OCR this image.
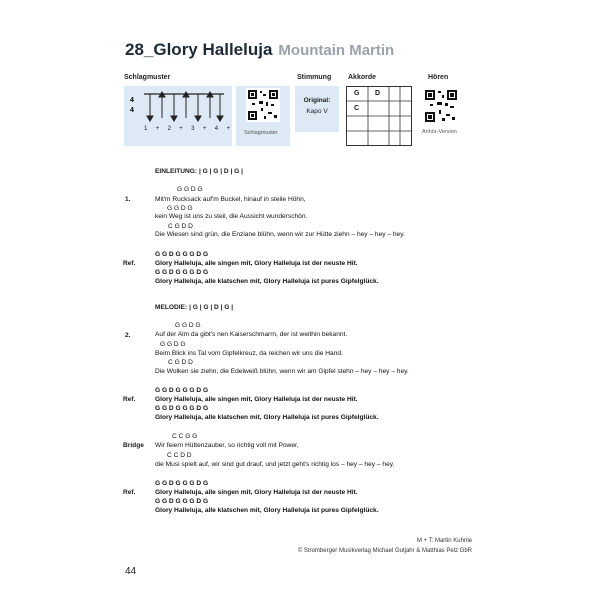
28_Glory Halleluja Mountain Martin
Schlagmuster	Stimmung Akkorde	Hören
4
4
1 + 2 + 3 + 4 +
Schlagmuster
Original:
Kapo V
G D
C
Anhör-Version
EINLEITUNG: | G | G | D | G |
1.
G G D G
Mit'm Rucksack auf'm Buckel, hinauf in steile Höhn,
G G D G
kein Weg ist uns zu steil, die Aussicht wunderschön.
C G D D
Die Wiesen sind grün, die Enziane blühn, wenn wir zur Hütte ziehn – hey – hey – hey.
Ref.
G G D G G G D G
Glory Halleluja, alle singen mit, Glory Halleluja ist der neuste Hit.
G G D G G G D G
Glory Halleluja, alle klatschen mit, Glory Halleluja ist pures Gipfelglück.
MELODIE: | G | G | D | G |
2.
G G D G
Auf der Alm da gibt's nen Kaiserschmarrn, der ist weithin bekannt.
G G D G
Beim Blick ins Tal vom Gipfelkreuz, da reichen wir uns die Hand.
C G D D
Die Wolken sie ziehn, die Edelweiß blühn, wenn wir am Gipfel stehn – hey – hey – hey.
Ref.
G G D G G G D G
Glory Halleluja, alle singen mit, Glory Halleluja ist der neuste Hit.
G G D G G G D G
Glory Halleluja, alle klatschen mit, Glory Halleluja ist pures Gipfelglück.
Bridge
C C G G
Wir feiern Hüttenzauber, so richtig voll mit Power,
C C D D
die Musi spielt auf, wir sind gut drauf, und jetzt geht's richtig los – hey – hey – hey.
Ref.
G G D G G G D G
Glory Halleluja, alle singen mit, Glory Halleluja ist der neuste Hit.
G G D G G G D G
Glory Halleluja, alle klatschen mit, Glory Halleluja ist pures Gipfelglück.
M + T: Martin Kuhnle
© Stromberger Musikverlag Michael Gutjahr & Matthias Pelz GbR
44
